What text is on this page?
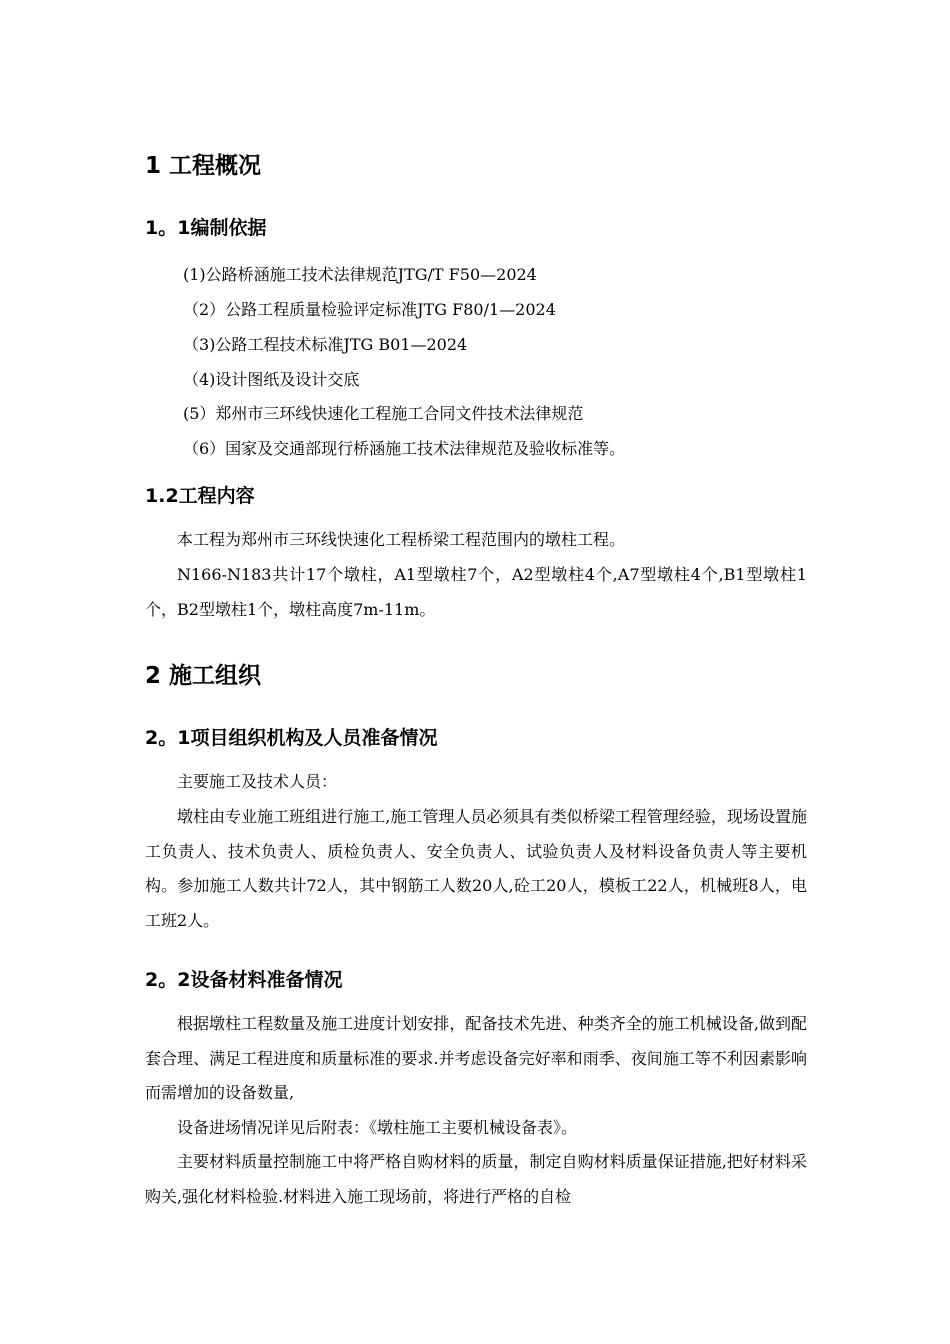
1 工程概况
1。1编制依据

(1)公路桥涵施工技术法律规范JTG/T F50—2024

（2）公路工程质量检验评定标准JTG F80/1—2024

（3)公路工程技术标准JTG B01—2024

（4)设计图纸及设计交底

(5）郑州市三环线快速化工程施工合同文件技术法律规范

（6）国家及交通部现行桥涵施工技术法律规范及验收标准等。

1.2工程内容

本工程为郑州市三环线快速化工程桥梁工程范围内的墩柱工程。

N166-N183共计17个墩柱，A1型墩柱7个，A2型墩柱4个,A7型墩柱4个,B1型墩柱1个，B2型墩柱1个，墩柱高度7m-11m。

2 施工组织
2。1项目组织机构及人员准备情况

主要施工及技术人员：

墩柱由专业施工班组进行施工,施工管理人员必须具有类似桥梁工程管理经验，现场设置施工负责人、技术负责人、质检负责人、安全负责人、试验负责人及材料设备负责人等主要机构。参加施工人数共计72人，其中钢筋工人数20人,砼工20人，模板工22人，机械班8人，电工班2人。

2。2设备材料准备情况

根据墩柱工程数量及施工进度计划安排，配备技术先进、种类齐全的施工机械设备,做到配套合理、满足工程进度和质量标准的要求.并考虑设备完好率和雨季、夜间施工等不利因素影响而需增加的设备数量,

设备进场情况详见后附表：《墩柱施工主要机械设备表》。

主要材料质量控制施工中将严格自购材料的质量，制定自购材料质量保证措施,把好材料采购关,强化材料检验.材料进入施工现场前，将进行严格的自检
